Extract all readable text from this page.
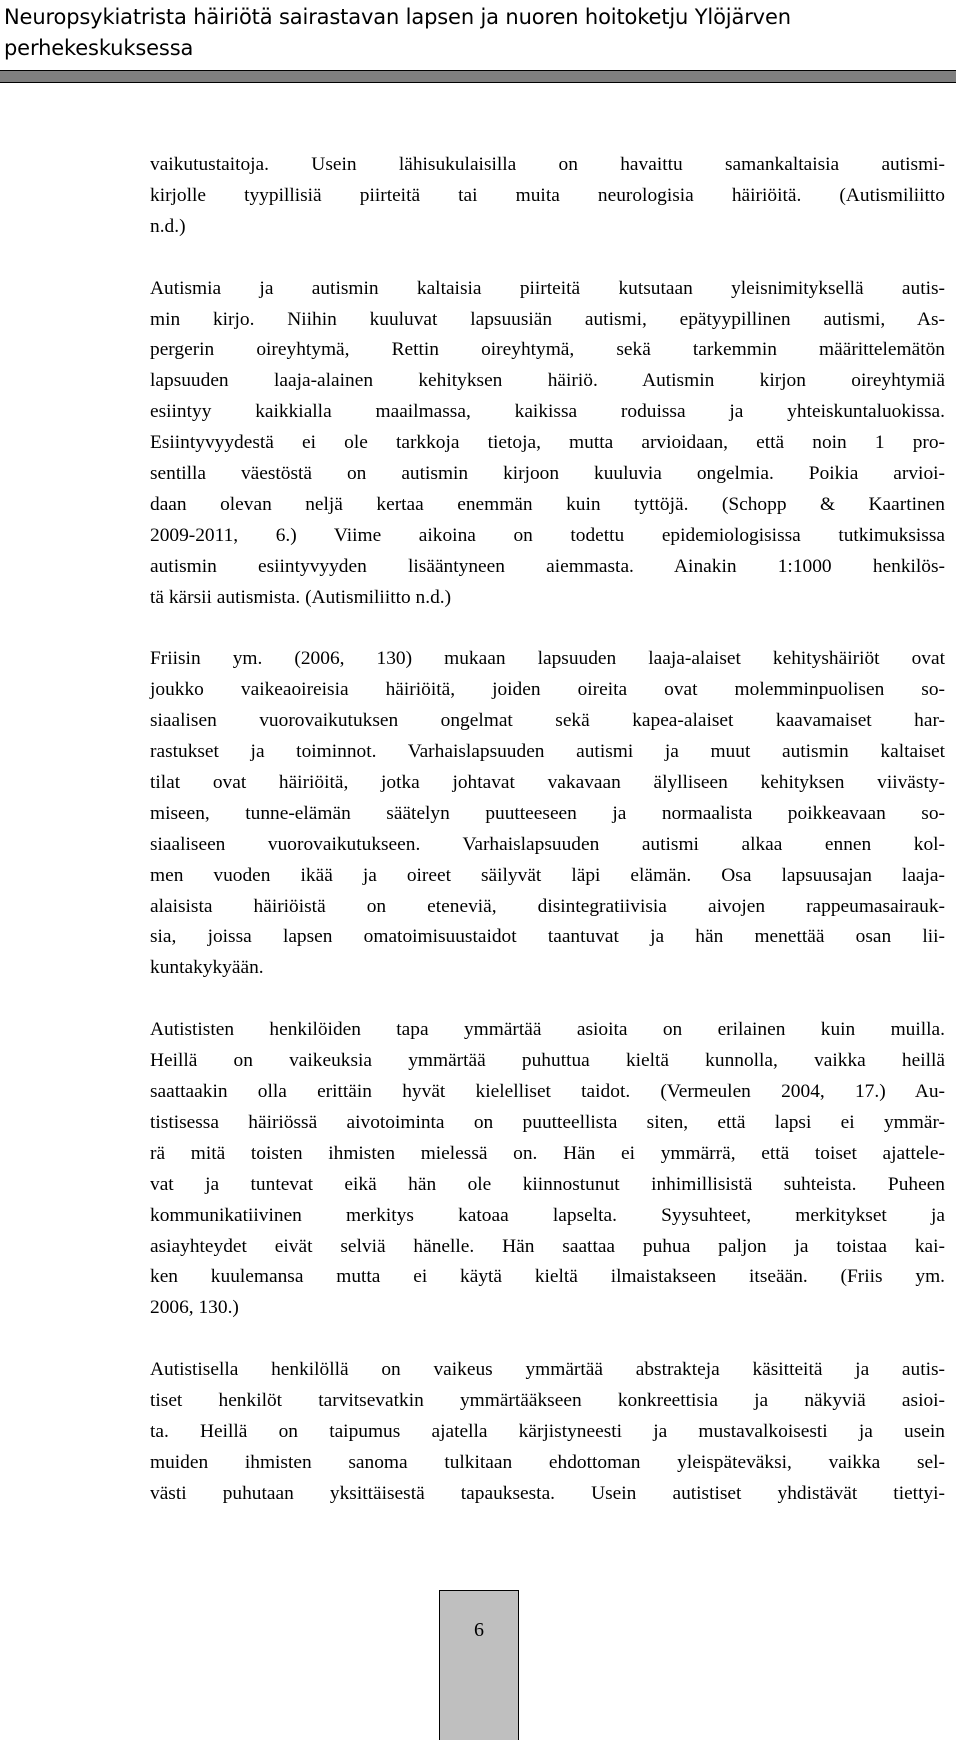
Neuropsykiatrista häiriötä sairastavan lapsen ja nuoren hoitoketju Ylöjärven perhekeskuksessa

vaikutustaitoja. Usein lähisukulaisilla on havaittu samankaltaisia autismi-
kirjolle tyypillisiä piirteitä tai muita neurologisia häiriöitä. (Autismiliitto
n.d.)

Autismia ja autismin kaltaisia piirteitä kutsutaan yleisnimityksellä autis-
min kirjo. Niihin kuuluvat lapsuusiän autismi, epätyypillinen autismi, As-
pergerin oireyhtymä, Rettin oireyhtymä, sekä tarkemmin määrittelemätön
lapsuuden laaja-alainen kehityksen häiriö. Autismin kirjon oireyhtymiä
esiintyy kaikkialla maailmassa, kaikissa roduissa ja yhteiskuntaluokissa.
Esiintyvyydestä ei ole tarkkoja tietoja, mutta arvioidaan, että noin 1 pro-
sentilla väestöstä on autismin kirjoon kuuluvia ongelmia. Poikia arvioi-
daan olevan neljä kertaa enemmän kuin tyttöjä. (Schopp & Kaartinen
2009-2011, 6.) Viime aikoina on todettu epidemiologisissa tutkimuksissa
autismin esiintyvyyden lisääntyneen aiemmasta. Ainakin 1:1000 henkilös-
tä kärsii autismista. (Autismiliitto n.d.)

Friisin ym. (2006, 130) mukaan lapsuuden laaja-alaiset kehityshäiriöt ovat
joukko vaikeaoireisia häiriöitä, joiden oireita ovat molemminpuolisen so-
siaalisen vuorovaikutuksen ongelmat sekä kapea-alaiset kaavamaiset har-
rastukset ja toiminnot. Varhaislapsuuden autismi ja muut autismin kaltaiset
tilat ovat häiriöitä, jotka johtavat vakavaan älylliseen kehityksen viivästy-
miseen, tunne-elämän säätelyn puutteeseen ja normaalista poikkeavaan so-
siaaliseen vuorovaikutukseen. Varhaislapsuuden autismi alkaa ennen kol-
men vuoden ikää ja oireet säilyvät läpi elämän. Osa lapsuusajan laaja-
alaisista häiriöistä on eteneviä, disintegratiivisia aivojen rappeumasairauk-
sia, joissa lapsen omatoimisuustaidot taantuvat ja hän menettää osan lii-
kuntakykyään.

Autististen henkilöiden tapa ymmärtää asioita on erilainen kuin muilla.
Heillä on vaikeuksia ymmärtää puhuttua kieltä kunnolla, vaikka heillä
saattaakin olla erittäin hyvät kielelliset taidot. (Vermeulen 2004, 17.) Au-
tistisessa häiriössä aivotoiminta on puutteellista siten, että lapsi ei ymmär-
rä mitä toisten ihmisten mielessä on. Hän ei ymmärrä, että toiset ajattele-
vat ja tuntevat eikä hän ole kiinnostunut inhimillisistä suhteista. Puheen
kommunikatiivinen merkitys katoaa lapselta. Syysuhteet, merkitykset ja
asiayhteydet eivät selviä hänelle. Hän saattaa puhua paljon ja toistaa kai-
ken kuulemansa mutta ei käytä kieltä ilmaistakseen itseään. (Friis ym.
2006, 130.)

Autistisella henkilöllä on vaikeus ymmärtää abstrakteja käsitteitä ja autis-
tiset henkilöt tarvitsevatkin ymmärtääkseen konkreettisia ja näkyviä asioi-
ta. Heillä on taipumus ajatella kärjistyneesti ja mustavalkoisesti ja usein
muiden ihmisten sanoma tulkitaan ehdottoman yleispäteväksi, vaikka sel-
västi puhutaan yksittäisestä tapauksesta. Usein autistiset yhdistävät tiettyi-

6
